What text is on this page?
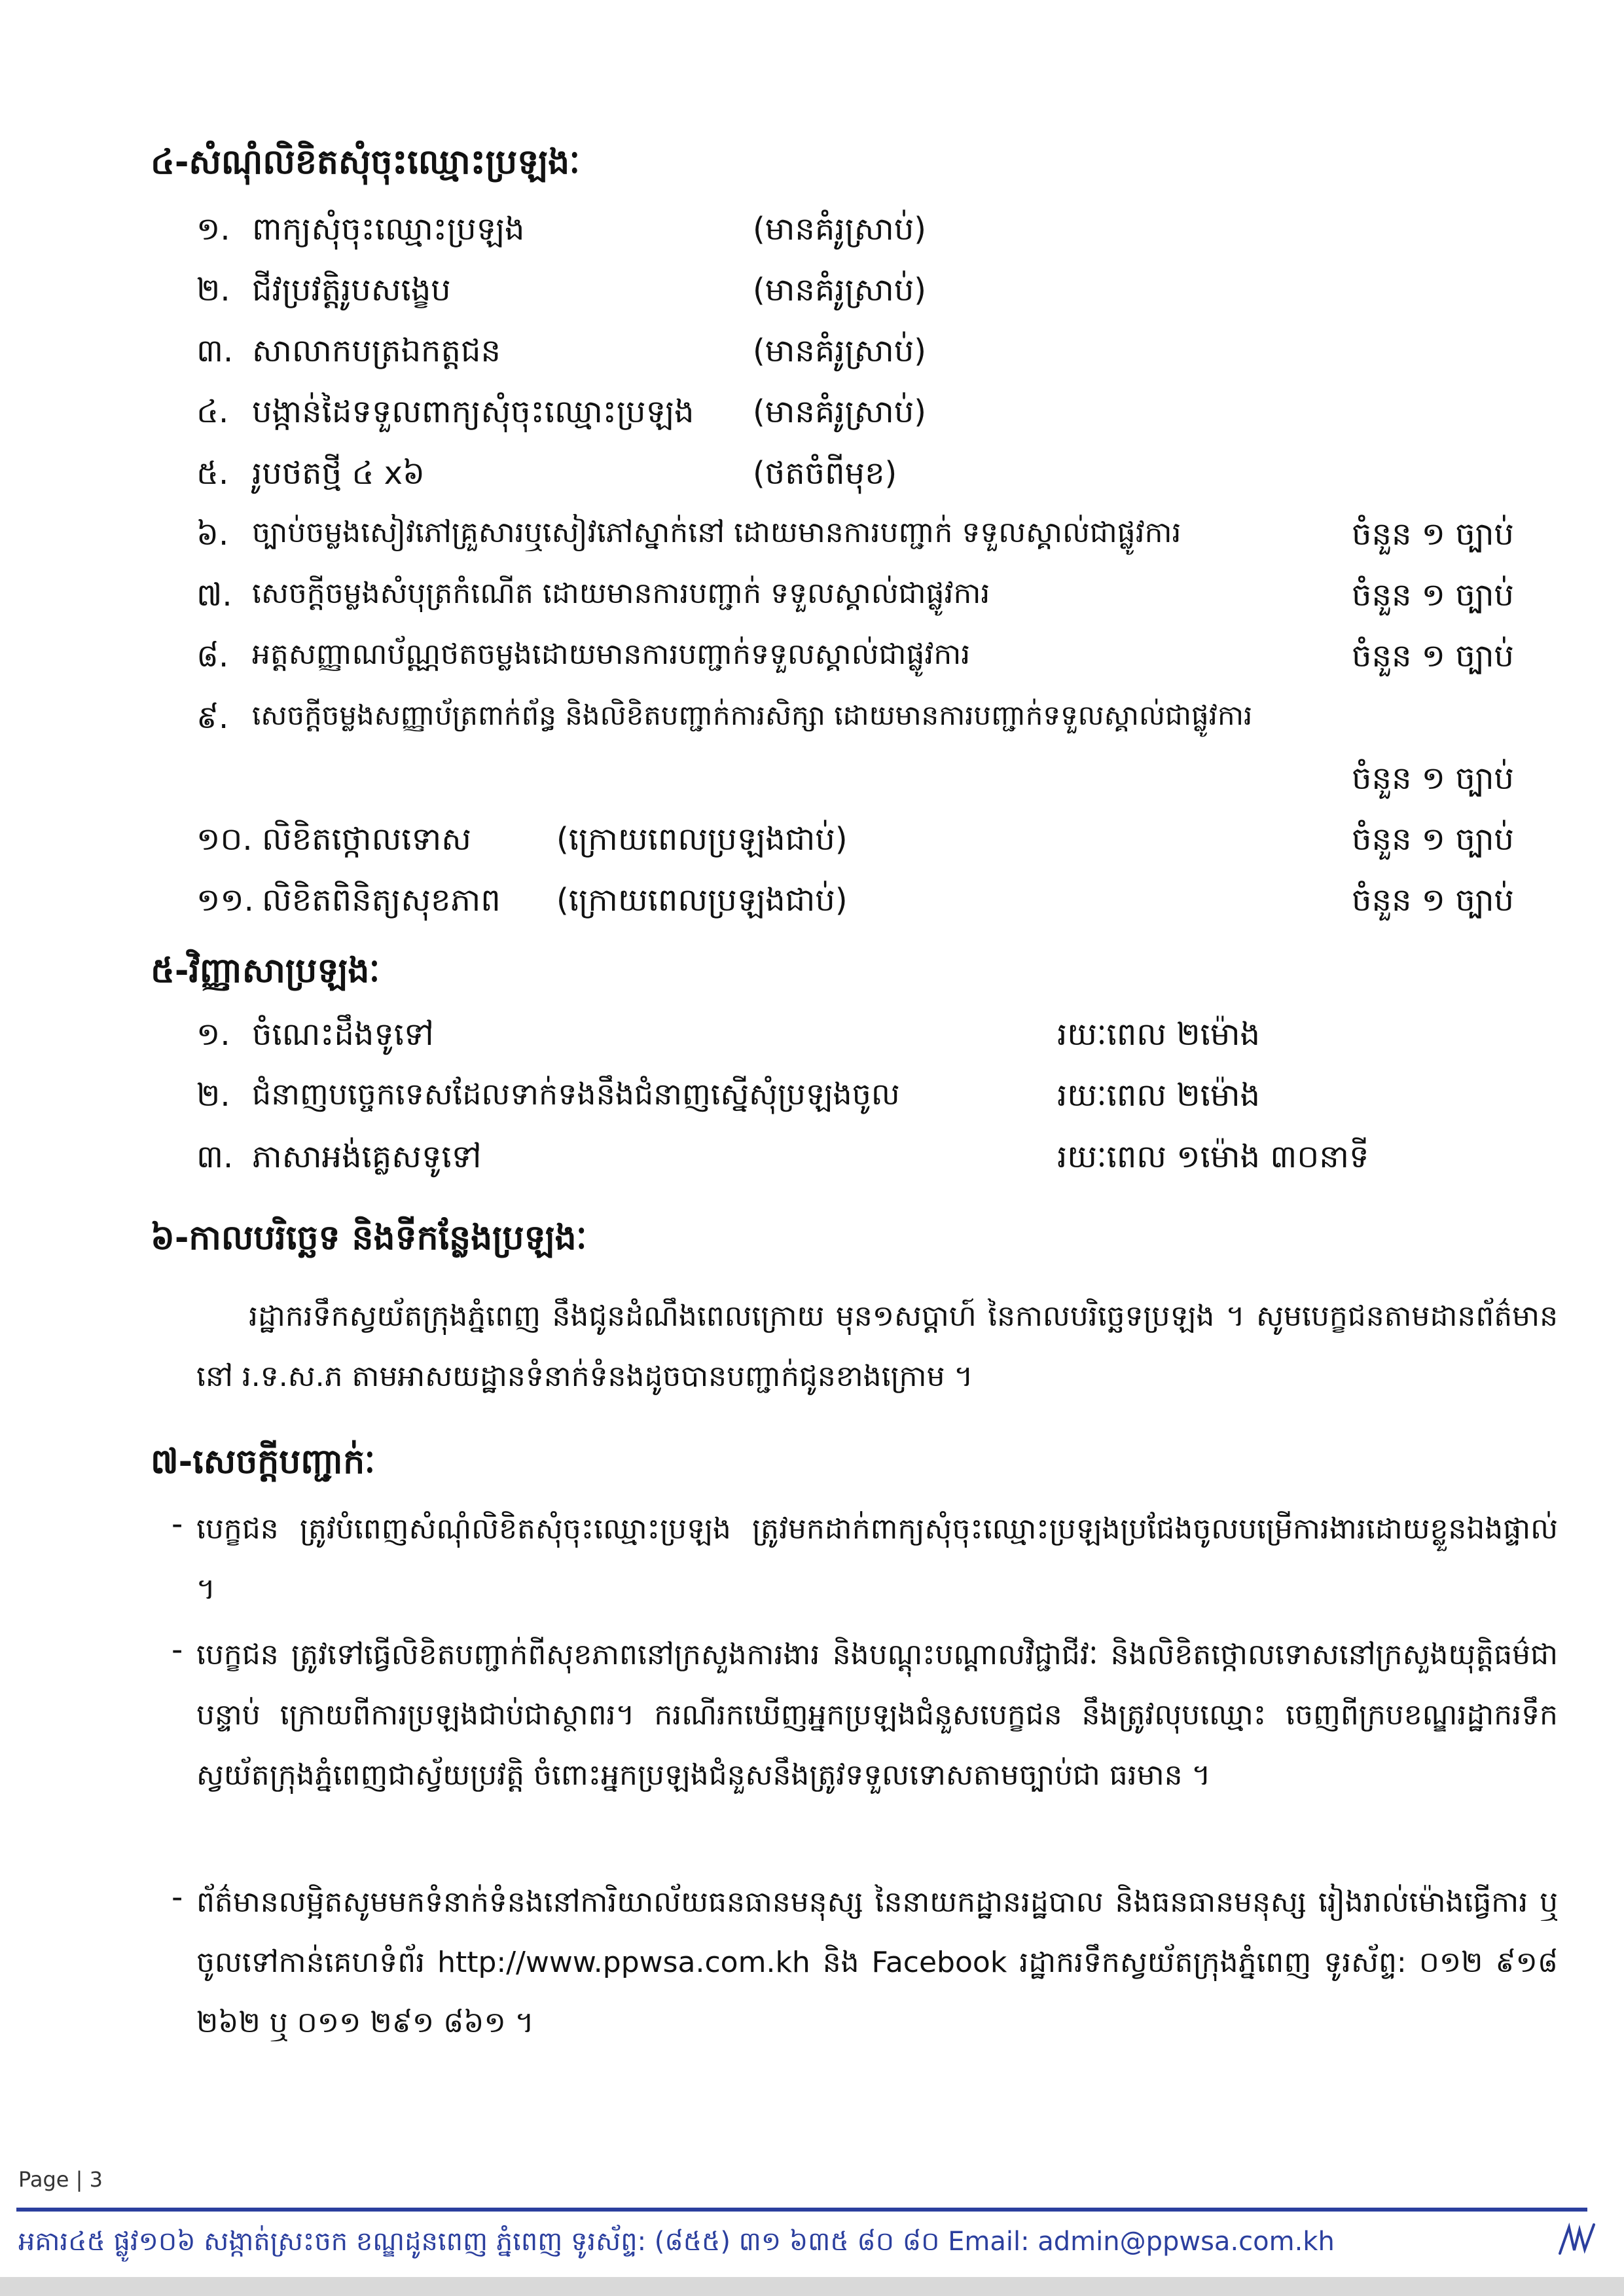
៤-សំណុំលិខិតសុំចុះឈ្មោះប្រឡងៈ
១. ពាក្យសុំចុះឈ្មោះប្រឡង	(មានគំរូស្រាប់)
២. ជីវប្រវត្តិរូបសង្ខេប	(មានគំរូស្រាប់)
៣. សាលាកបត្រឯកត្តជន	(មានគំរូស្រាប់)
៤. បង្កាន់ដៃទទួលពាក្យសុំចុះឈ្មោះប្រឡង (មានគំរូស្រាប់)
៥. រូបថតថ្មី ៤ x៦	(ថតចំពីមុខ)
៦. ច្បាប់ចម្លងសៀវភៅគ្រួសារឬសៀវភៅស្នាក់នៅ ដោយមានការបញ្ជាក់ ទទួលស្គាល់ជាផ្លូវការ	ចំនួន ១ ច្បាប់
៧. សេចក្តីចម្លងសំបុត្រកំណើត ដោយមានការបញ្ជាក់ ទទួលស្គាល់ជាផ្លូវការ	ចំនួន ១ ច្បាប់
៨. អត្តសញ្ញាណប័ណ្ណថតចម្លងដោយមានការបញ្ជាក់ទទួលស្គាល់ជាផ្លូវការ	ចំនួន ១ ច្បាប់
៩. សេចក្តីចម្លងសញ្ញាប័ត្រពាក់ព័ន្ធ និងលិខិតបញ្ជាក់ការសិក្សា ដោយមានការបញ្ជាក់ទទួលស្គាល់ជាផ្លូវការ
ចំនួន ១ ច្បាប់
១០. លិខិតថ្កោលទោស	(ក្រោយពេលប្រឡងជាប់)	ចំនួន ១ ច្បាប់
១១. លិខិតពិនិត្យសុខភាព (ក្រោយពេលប្រឡងជាប់)	ចំនួន ១ ច្បាប់
៥-វិញ្ញាសាប្រឡងៈ
១. ចំណេះដឹងទូទៅ	រយៈពេល ២ម៉ោង
២. ជំនាញបច្ចេកទេសដែលទាក់ទងនឹងជំនាញស្នើសុំប្រឡងចូល	រយៈពេល ២ម៉ោង
៣. ភាសាអង់គ្លេសទូទៅ	រយៈពេល ១ម៉ោង ៣០នាទី
៦-កាលបរិច្ឆេទ និងទីកន្លែងប្រឡងៈ
រដ្ឋាករទឹកស្វយ័តក្រុងភ្នំពេញ នឹងជូនដំណឹងពេលក្រោយ មុន១សប្តាហ៍ នៃកាលបរិច្ឆេទប្រឡង ។ សូមបេក្ខជនតាមដានព័ត៌មាននៅ រ.ទ.ស.ភ តាមអាសយដ្ឋានទំនាក់ទំនងដូចបានបញ្ជាក់ជូនខាងក្រោម ។
៧-សេចក្តីបញ្ជាក់ៈ
- បេក្ខជន ត្រូវបំពេញសំណុំលិខិតសុំចុះឈ្មោះប្រឡង ត្រូវមកដាក់ពាក្យសុំចុះឈ្មោះប្រឡងប្រជែងចូលបម្រើការងារដោយខ្លួនឯងផ្ទាល់ ។
- បេក្ខជន ត្រូវទៅធ្វើលិខិតបញ្ជាក់ពីសុខភាពនៅក្រសួងការងារ និងបណ្តុះបណ្តាលវិជ្ជាជីវៈ និងលិខិតថ្កោលទោសនៅក្រសួងយុត្តិធម៌ជាបន្ទាប់ ក្រោយពីការប្រឡងជាប់ជាស្ថាពរ។ ករណីរកឃើញអ្នកប្រឡងជំនួសបេក្ខជន នឹងត្រូវលុបឈ្មោះ ចេញពីក្របខណ្ឌរដ្ឋាករទឹកស្វយ័តក្រុងភ្នំពេញជាស្វ័យប្រវត្តិ ចំពោះអ្នកប្រឡងជំនួសនឹងត្រូវទទួលទោសតាមច្បាប់ជា ធរមាន ។
- ព័ត៌មានលម្អិតសូមមកទំនាក់ទំនងនៅការិយាល័យធនធានមនុស្ស នៃនាយកដ្ឋានរដ្ឋបាល និងធនធានមនុស្ស រៀងរាល់ម៉ោងធ្វើការ ឬចូលទៅកាន់គេហទំព័រ http://www.ppwsa.com.kh និង Facebook រដ្ឋាករទឹកស្វយ័តក្រុងភ្នំពេញ ទូរស័ព្ទ: ០១២ ៩១៨ ២៦២ ឬ ០១១ ២៩១ ៨៦១ ។
Page | 3
អគារ៤៥ ផ្លូវ១០៦ សង្កាត់ស្រះចក ខណ្ឌដូនពេញ ភ្នំពេញ ទូរស័ព្ទ: (៨៥៥) ៣១ ៦៣៥ ៨០ ៨០ Email: admin@ppwsa.com.kh
